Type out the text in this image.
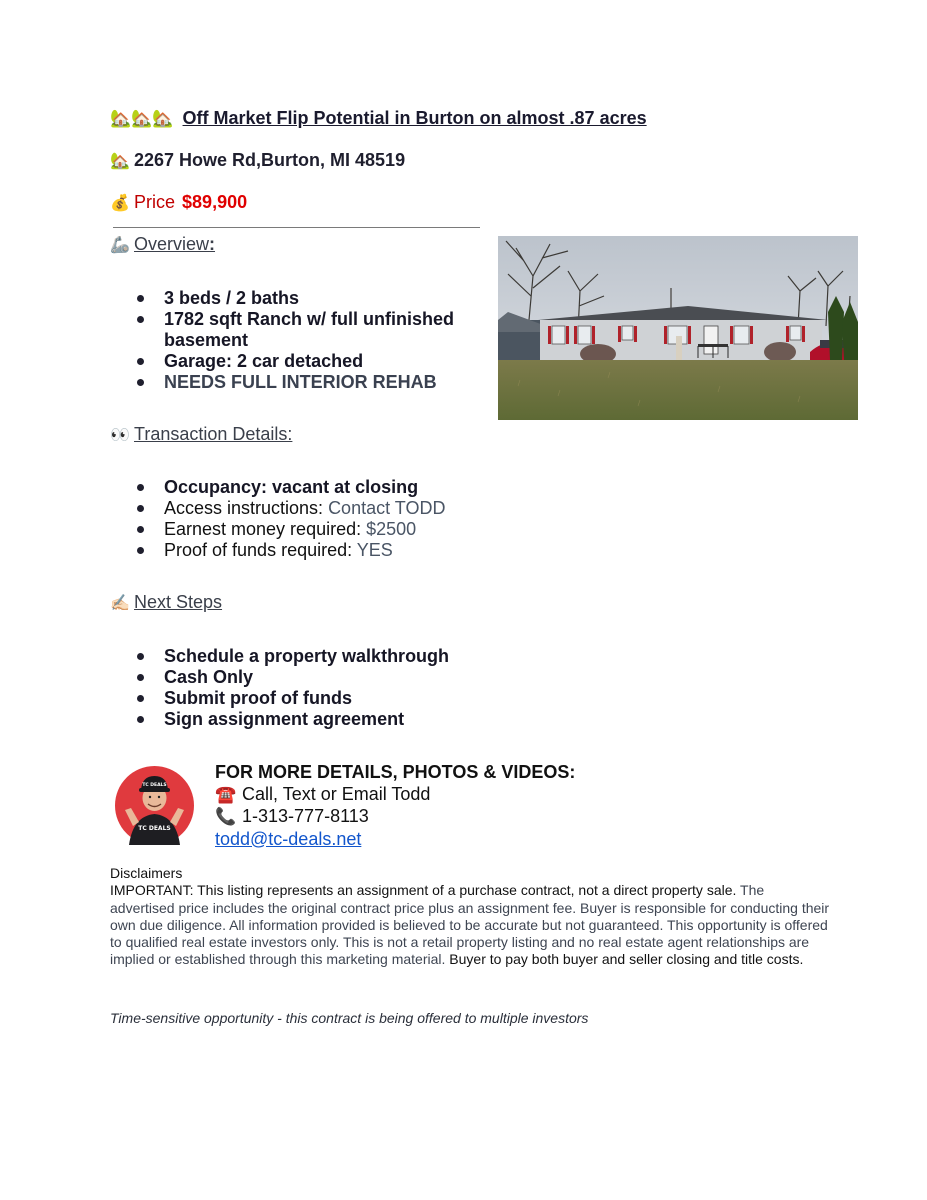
🏡🏡🏡 Off Market Flip Potential in Burton on almost .87 acres
🏡 2267 Howe Rd,Burton, MI 48519
💰 Price $89,900
🦾 Overview:
3 beds / 2 baths
1782 sqft Ranch w/ full unfinished basement
Garage: 2 car detached
NEEDS FULL INTERIOR REHAB
👀 Transaction Details:
Occupancy: vacant at closing
Access instructions: Contact TODD
Earnest money required: $2500
Proof of funds required: YES
✍🏻 Next Steps
Schedule a property walkthrough
Cash Only
Submit proof of funds
Sign assignment agreement
TC DEALS
TC DEALS
FOR MORE DETAILS, PHOTOS & VIDEOS:
☎️ Call, Text or Email Todd
📞 1-313-777-8113
todd@tc-deals.net
Disclaimers
IMPORTANT: This listing represents an assignment of a purchase contract, not a direct property sale. The advertised price includes the original contract price plus an assignment fee. Buyer is responsible for conducting their own due diligence. All information provided is believed to be accurate but not guaranteed. This opportunity is offered to qualified real estate investors only. This is not a retail property listing and no real estate agent relationships are implied or established through this marketing material. Buyer to pay both buyer and seller closing and title costs.
Time-sensitive opportunity - this contract is being offered to multiple investors
